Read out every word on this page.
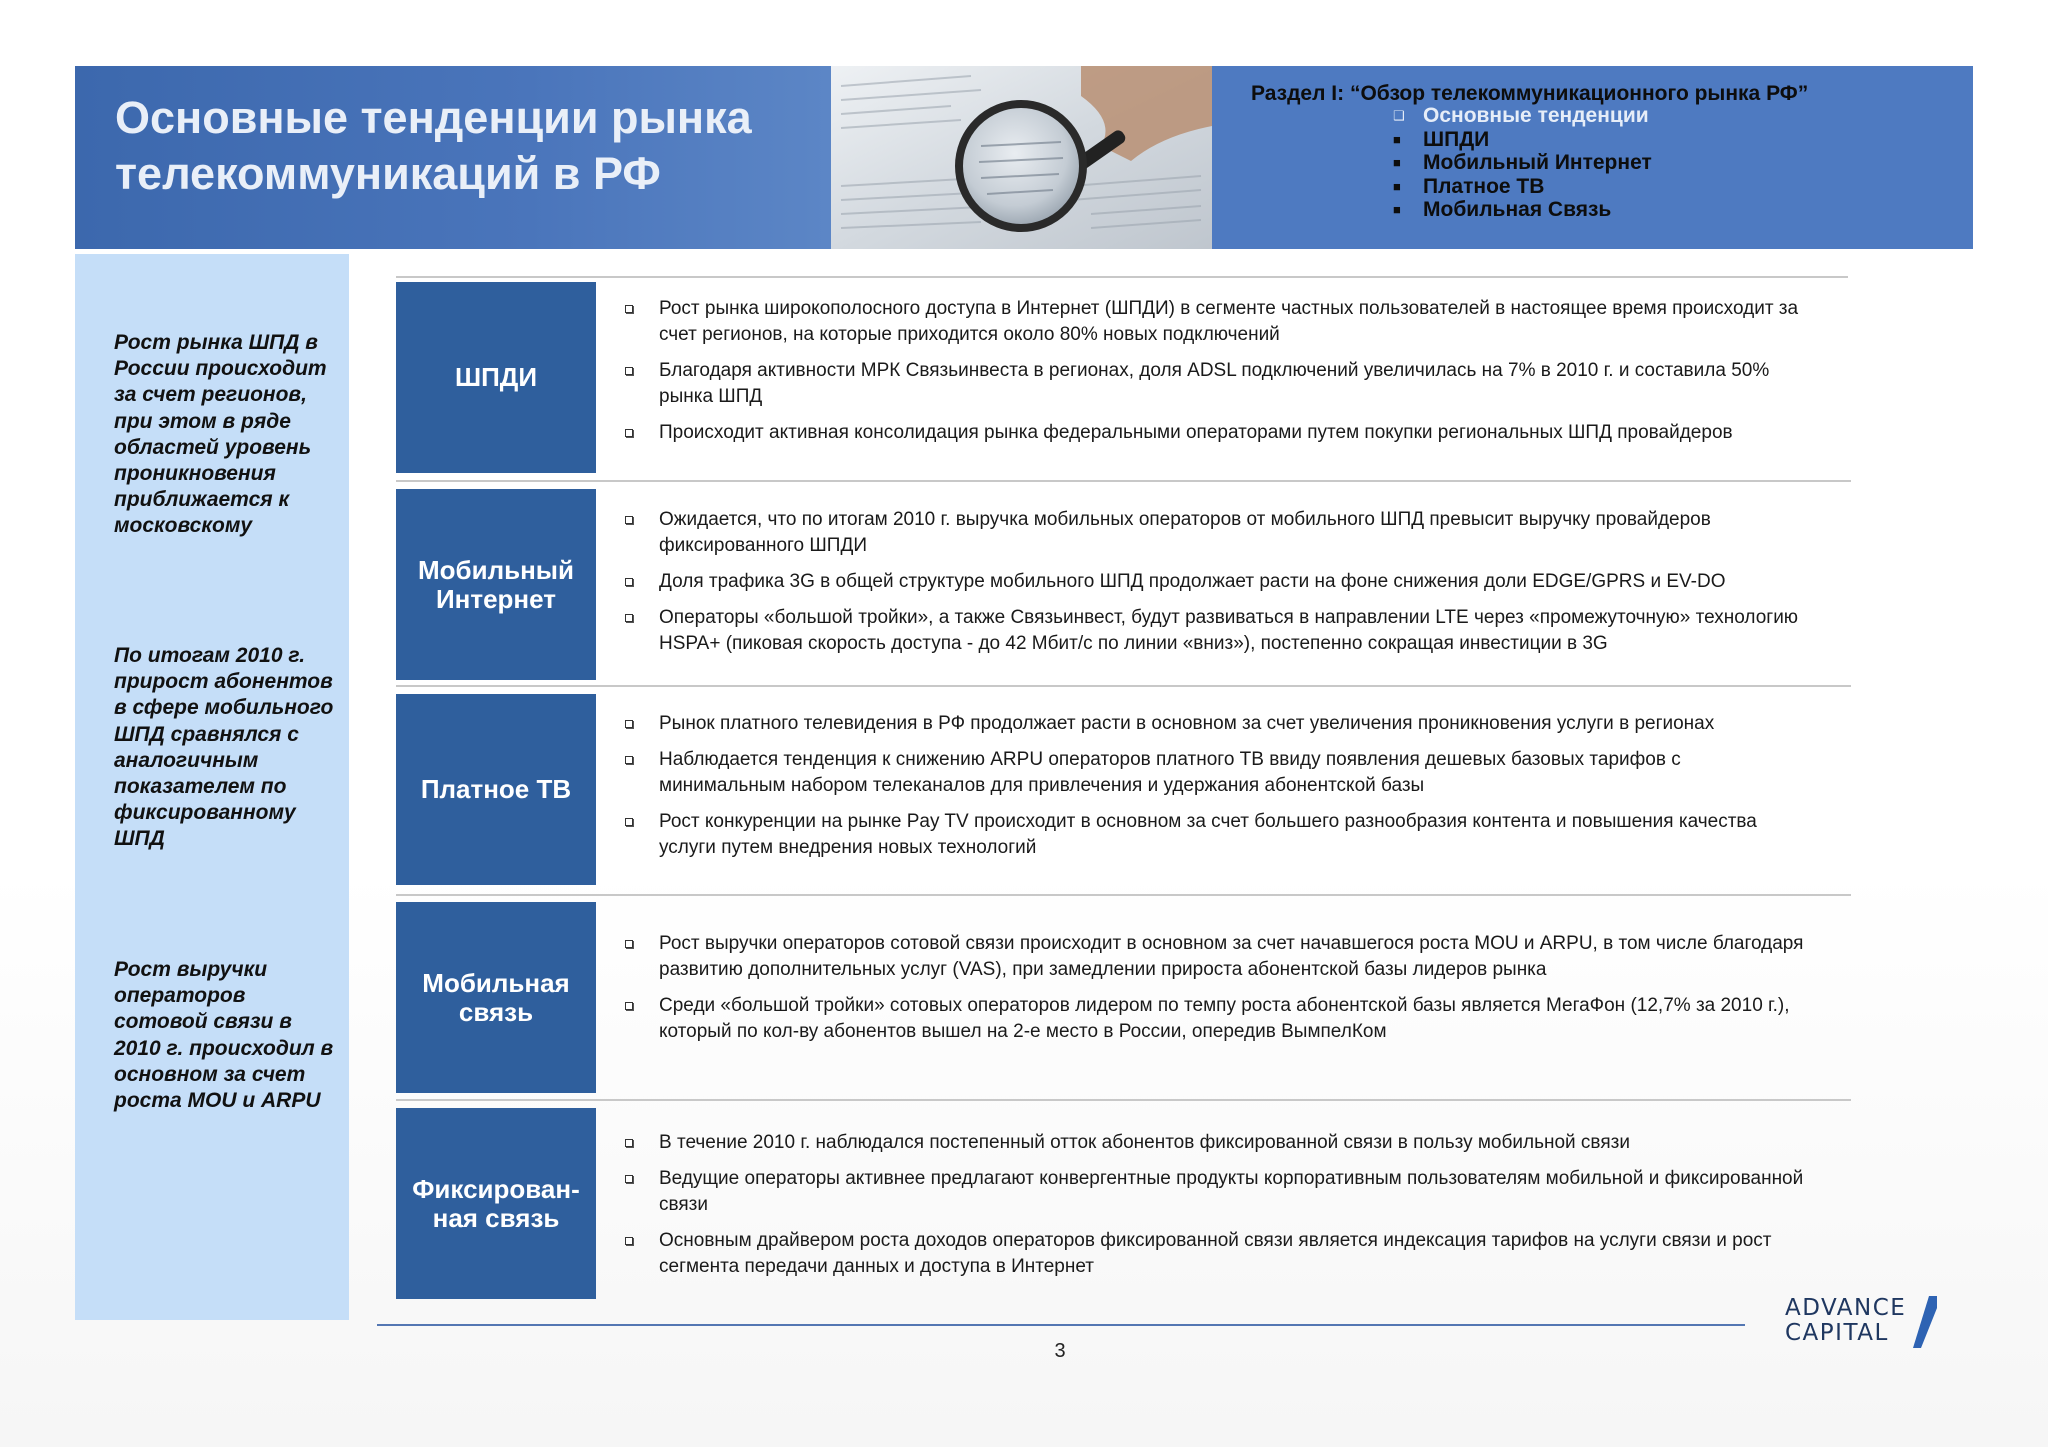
Основные тенденции рынка
телекоммуникаций в РФ
Раздел I: “Обзор телекоммуникационного рынка РФ”
❑ Основные тенденции
■ ШПДИ
■ Мобильный Интернет
■ Платное ТВ
■ Мобильная Связь
Рост рынка ШПД в России происходит за счет регионов, при этом в ряде областей уровень проникновения приближается к московскому
По итогам 2010 г. прирост абонентов в сфере мобильного ШПД сравнялся с аналогичным показателем по фиксированному ШПД
Рост выручки операторов сотовой связи в 2010 г. происходил в основном за счет роста MOU и ARPU
ШПДИ
Рост рынка широкополосного доступа в Интернет (ШПДИ) в сегменте частных пользователей в настоящее время происходит за счет регионов, на которые приходится около 80% новых подключений
Благодаря активности МРК Связьинвеста в регионах, доля ADSL подключений увеличилась на 7% в 2010 г. и составила 50% рынка ШПД
Происходит активная консолидация рынка федеральными операторами путем покупки региональных ШПД провайдеров
Мобильный
Интернет
Ожидается, что по итогам 2010 г. выручка мобильных операторов от мобильного ШПД превысит выручку провайдеров фиксированного ШПДИ
Доля трафика 3G в общей структуре мобильного ШПД продолжает расти на фоне снижения доли EDGE/GPRS и EV-DO
Операторы «большой тройки», а также Связьинвест, будут развиваться в направлении LTE через «промежуточную» технологию HSPA+ (пиковая скорость доступа - до 42 Мбит/с по линии «вниз»), постепенно сокращая инвестиции в 3G
Платное ТВ
Рынок платного телевидения в РФ продолжает расти в основном за счет увеличения проникновения услуги в регионах
Наблюдается тенденция к снижению ARPU операторов платного ТВ ввиду появления дешевых базовых тарифов с минимальным набором телеканалов для привлечения и удержания абонентской базы
Рост конкуренции на рынке Pay TV происходит в основном за счет большего разнообразия контента и повышения качества услуги путем внедрения новых технологий
Мобильная
связь
Рост выручки операторов сотовой связи происходит в основном за счет начавшегося роста MOU и ARPU, в том числе благодаря развитию дополнительных услуг (VAS), при замедлении прироста абонентской базы лидеров рынка
Среди «большой тройки» сотовых операторов лидером по темпу роста абонентской базы является МегаФон (12,7% за 2010 г.), который по кол-ву абонентов вышел на 2-е место в России, опередив ВымпелКом
Фиксирован-
ная связь
В течение 2010 г. наблюдался постепенный отток абонентов фиксированной связи в пользу мобильной связи
Ведущие операторы активнее предлагают конвергентные продукты корпоративным пользователям мобильной и фиксированной связи
Основным драйвером роста доходов операторов фиксированной связи является индексация тарифов на услуги связи и рост сегмента передачи данных и доступа в Интернет
3
ADVANCE
CAPITAL
